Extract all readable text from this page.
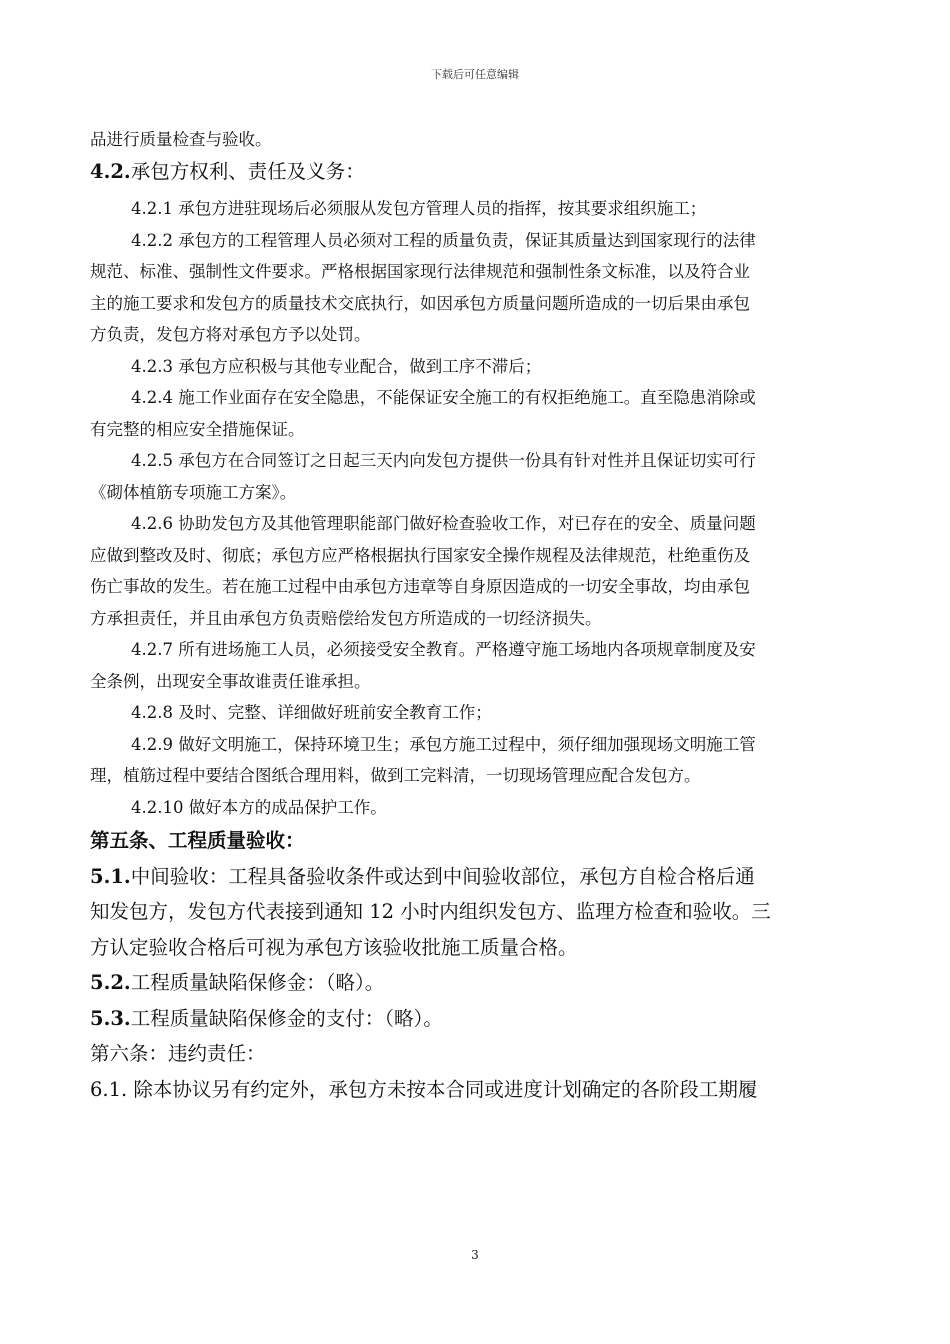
下载后可任意编辑

品进行质量检查与验收。

4.2.承包方权利、责任及义务：

4.2.1 承包方进驻现场后必须服从发包方管理人员的指挥，按其要求组织施工；

4.2.2 承包方的工程管理人员必须对工程的质量负责，保证其质量达到国家现行的法律

规范、标准、强制性文件要求。严格根据国家现行法律规范和强制性条文标准，以及符合业

主的施工要求和发包方的质量技术交底执行，如因承包方质量问题所造成的一切后果由承包

方负责，发包方将对承包方予以处罚。

4.2.3 承包方应积极与其他专业配合，做到工序不滞后；

4.2.4 施工作业面存在安全隐患，不能保证安全施工的有权拒绝施工。直至隐患消除或

有完整的相应安全措施保证。

4.2.5 承包方在合同签订之日起三天内向发包方提供一份具有针对性并且保证切实可行

《砌体植筋专项施工方案》。

4.2.6 协助发包方及其他管理职能部门做好检查验收工作，对已存在的安全、质量问题

应做到整改及时、彻底；承包方应严格根据执行国家安全操作规程及法律规范，杜绝重伤及

伤亡事故的发生。若在施工过程中由承包方违章等自身原因造成的一切安全事故，均由承包

方承担责任，并且由承包方负责赔偿给发包方所造成的一切经济损失。

4.2.7 所有进场施工人员，必须接受安全教育。严格遵守施工场地内各项规章制度及安

全条例，出现安全事故谁责任谁承担。

4.2.8 及时、完整、详细做好班前安全教育工作；

4.2.9 做好文明施工，保持环境卫生；承包方施工过程中，须仔细加强现场文明施工管

理，植筋过程中要结合图纸合理用料，做到工完料清，一切现场管理应配合发包方。

4.2.10 做好本方的成品保护工作。

第五条、工程质量验收：

5.1.中间验收：工程具备验收条件或达到中间验收部位，承包方自检合格后通

知发包方，发包方代表接到通知 12 小时内组织发包方、监理方检查和验收。三

方认定验收合格后可视为承包方该验收批施工质量合格。

5.2.工程质量缺陷保修金：（略）。

5.3.工程质量缺陷保修金的支付：（略）。

第六条：违约责任：

6.1. 除本协议另有约定外，承包方未按本合同或进度计划确定的各阶段工期履

3
